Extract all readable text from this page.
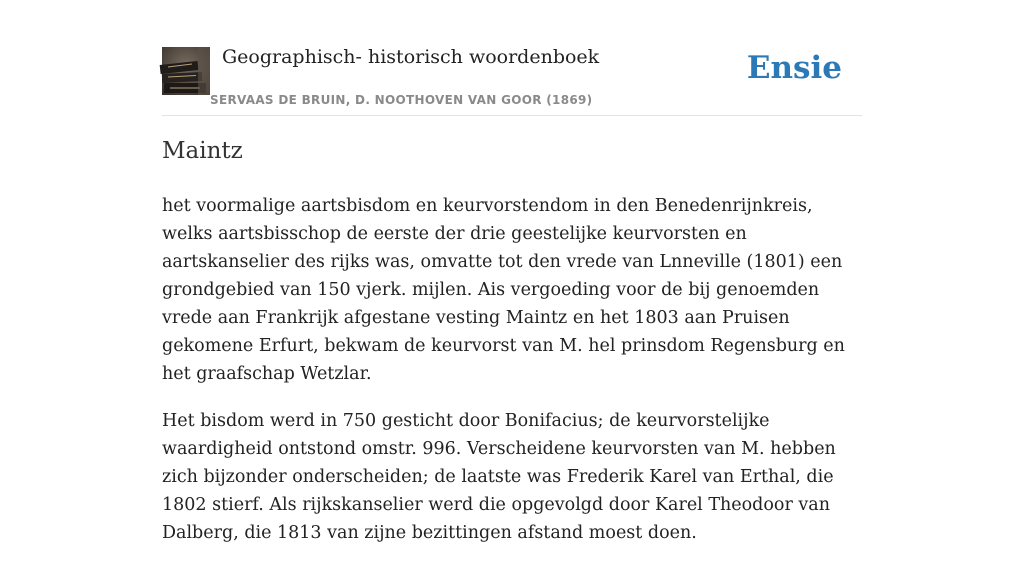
Geographisch- historisch woordenboek
SERVAAS DE BRUIN, D. NOOTHOVEN VAN GOOR (1869)
Ensie
Maintz

het voormalige aartsbisdom en keurvorstendom in den Benedenrijnkreis, welks aartsbisschop de eerste der drie geestelijke keurvorsten en aartskanselier des rijks was, omvatte tot den vrede van Lnneville (1801) een grondgebied van 150 vjerk. mijlen. Ais vergoeding voor de bij genoemden vrede aan Frankrijk afgestane vesting Maintz en het 1803 aan Pruisen gekomene Erfurt, bekwam de keurvorst van M. hel prinsdom Regensburg en het graafschap Wetzlar.

Het bisdom werd in 750 gesticht door Bonifacius; de keurvorstelijke waardigheid ontstond omstr. 996. Verscheidene keurvorsten van M. hebben zich bijzonder onderscheiden; de laatste was Frederik Karel van Erthal, die 1802 stierf. Als rijkskanselier werd die opgevolgd door Karel Theodoor van Dalberg, die 1813 van zijne bezittingen afstand moest doen.
